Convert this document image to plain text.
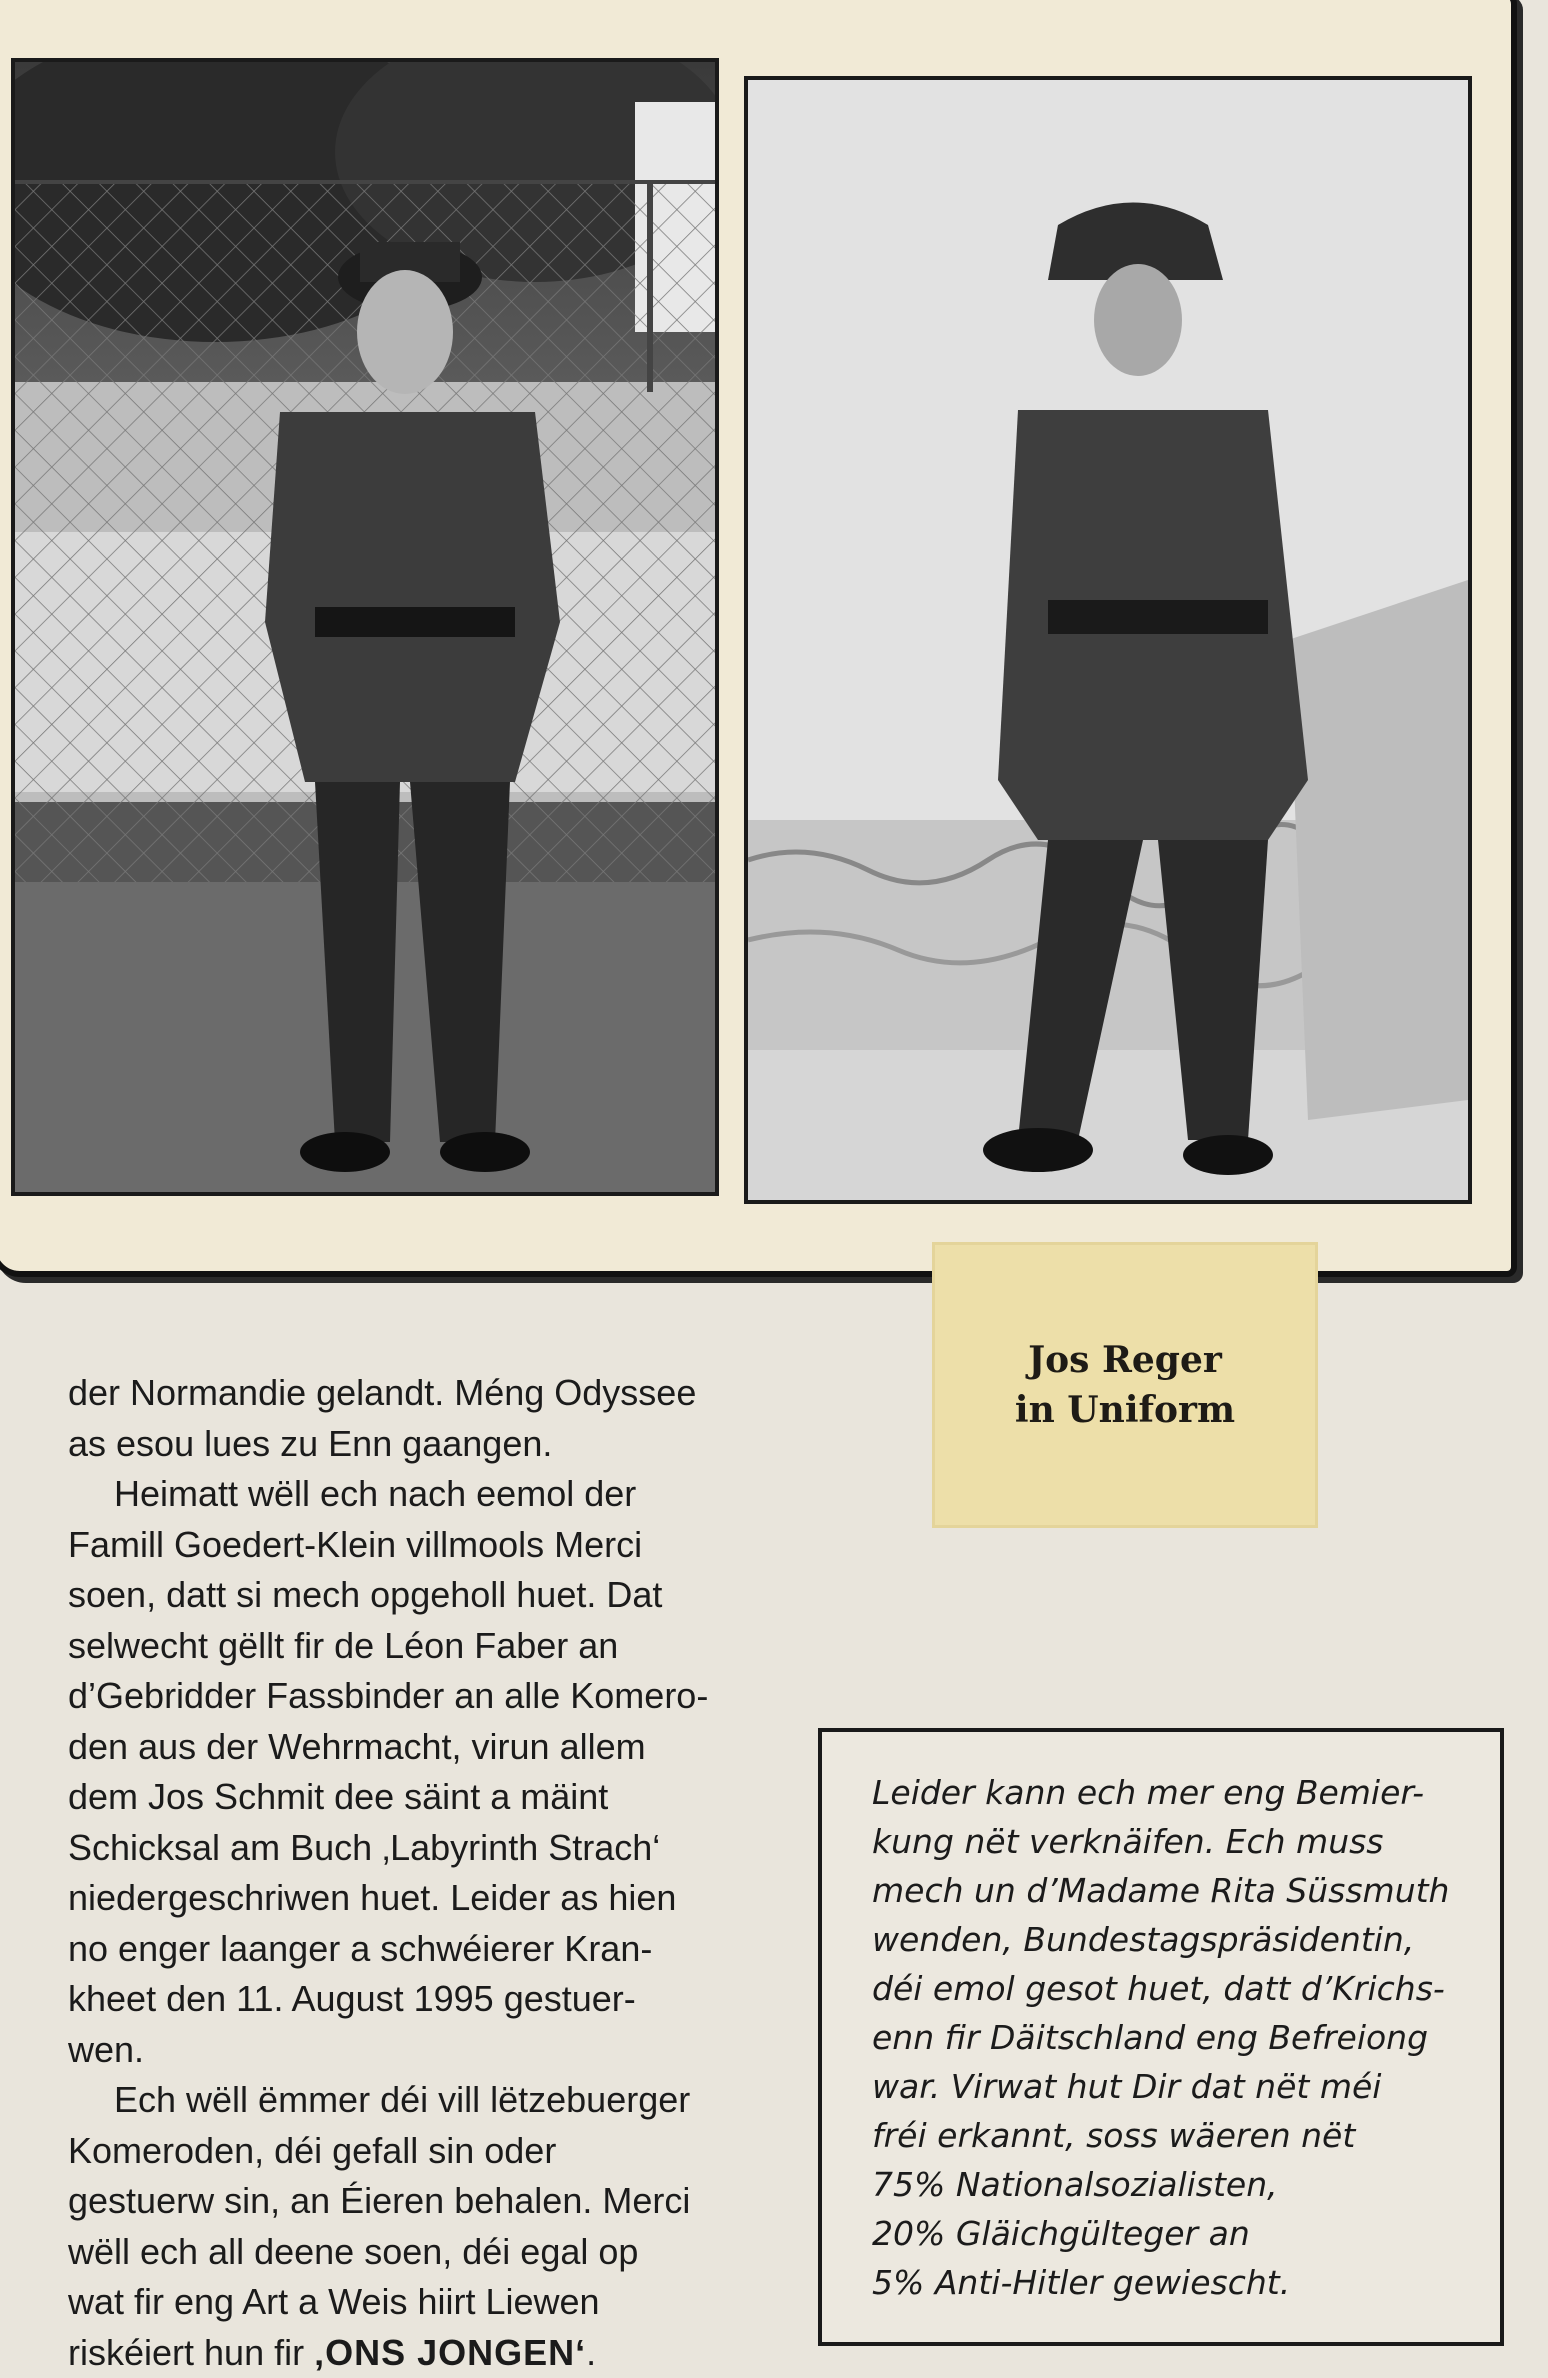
Jos Reger
in Uniform

der Normandie gelandt. Méng Odyssee
as esou lues zu Enn gaangen.

Heimatt wëll ech nach eemol der
Famill Goedert-Klein villmools Merci
soen, datt si mech opgeholl huet. Dat
selwecht gëllt fir de Léon Faber an
d’Gebridder Fassbinder an alle Komero-
den aus der Wehrmacht, virun allem
dem Jos Schmit dee säint a mäint
Schicksal am Buch ‚Labyrinth Strach‘
niedergeschriwen huet. Leider as hien
no enger laanger a schwéierer Kran-
kheet den 11. August 1995 gestuer-
wen.

Ech wëll ëmmer déi vill lëtzebuerger
Komeroden, déi gefall sin oder
gestuerw sin, an Éieren behalen. Merci
wëll ech all deene soen, déi egal op
wat fir eng Art a Weis hiirt Liewen
riskéiert hun fir ‚ONS JONGEN‘.

Leider kann ech mer eng Bemier-
kung nët verknäifen. Ech muss
mech un d’Madame Rita Süssmuth
wenden, Bundestagspräsidentin,
déi emol gesot huet, datt d’Krichs-
enn fir Däitschland eng Befreiong
war. Virwat hut Dir dat nët méi
fréi erkannt, soss wäeren nët
75% Nationalsozialisten,
20% Gläichgülteger an
5% Anti-Hitler gewiescht.
